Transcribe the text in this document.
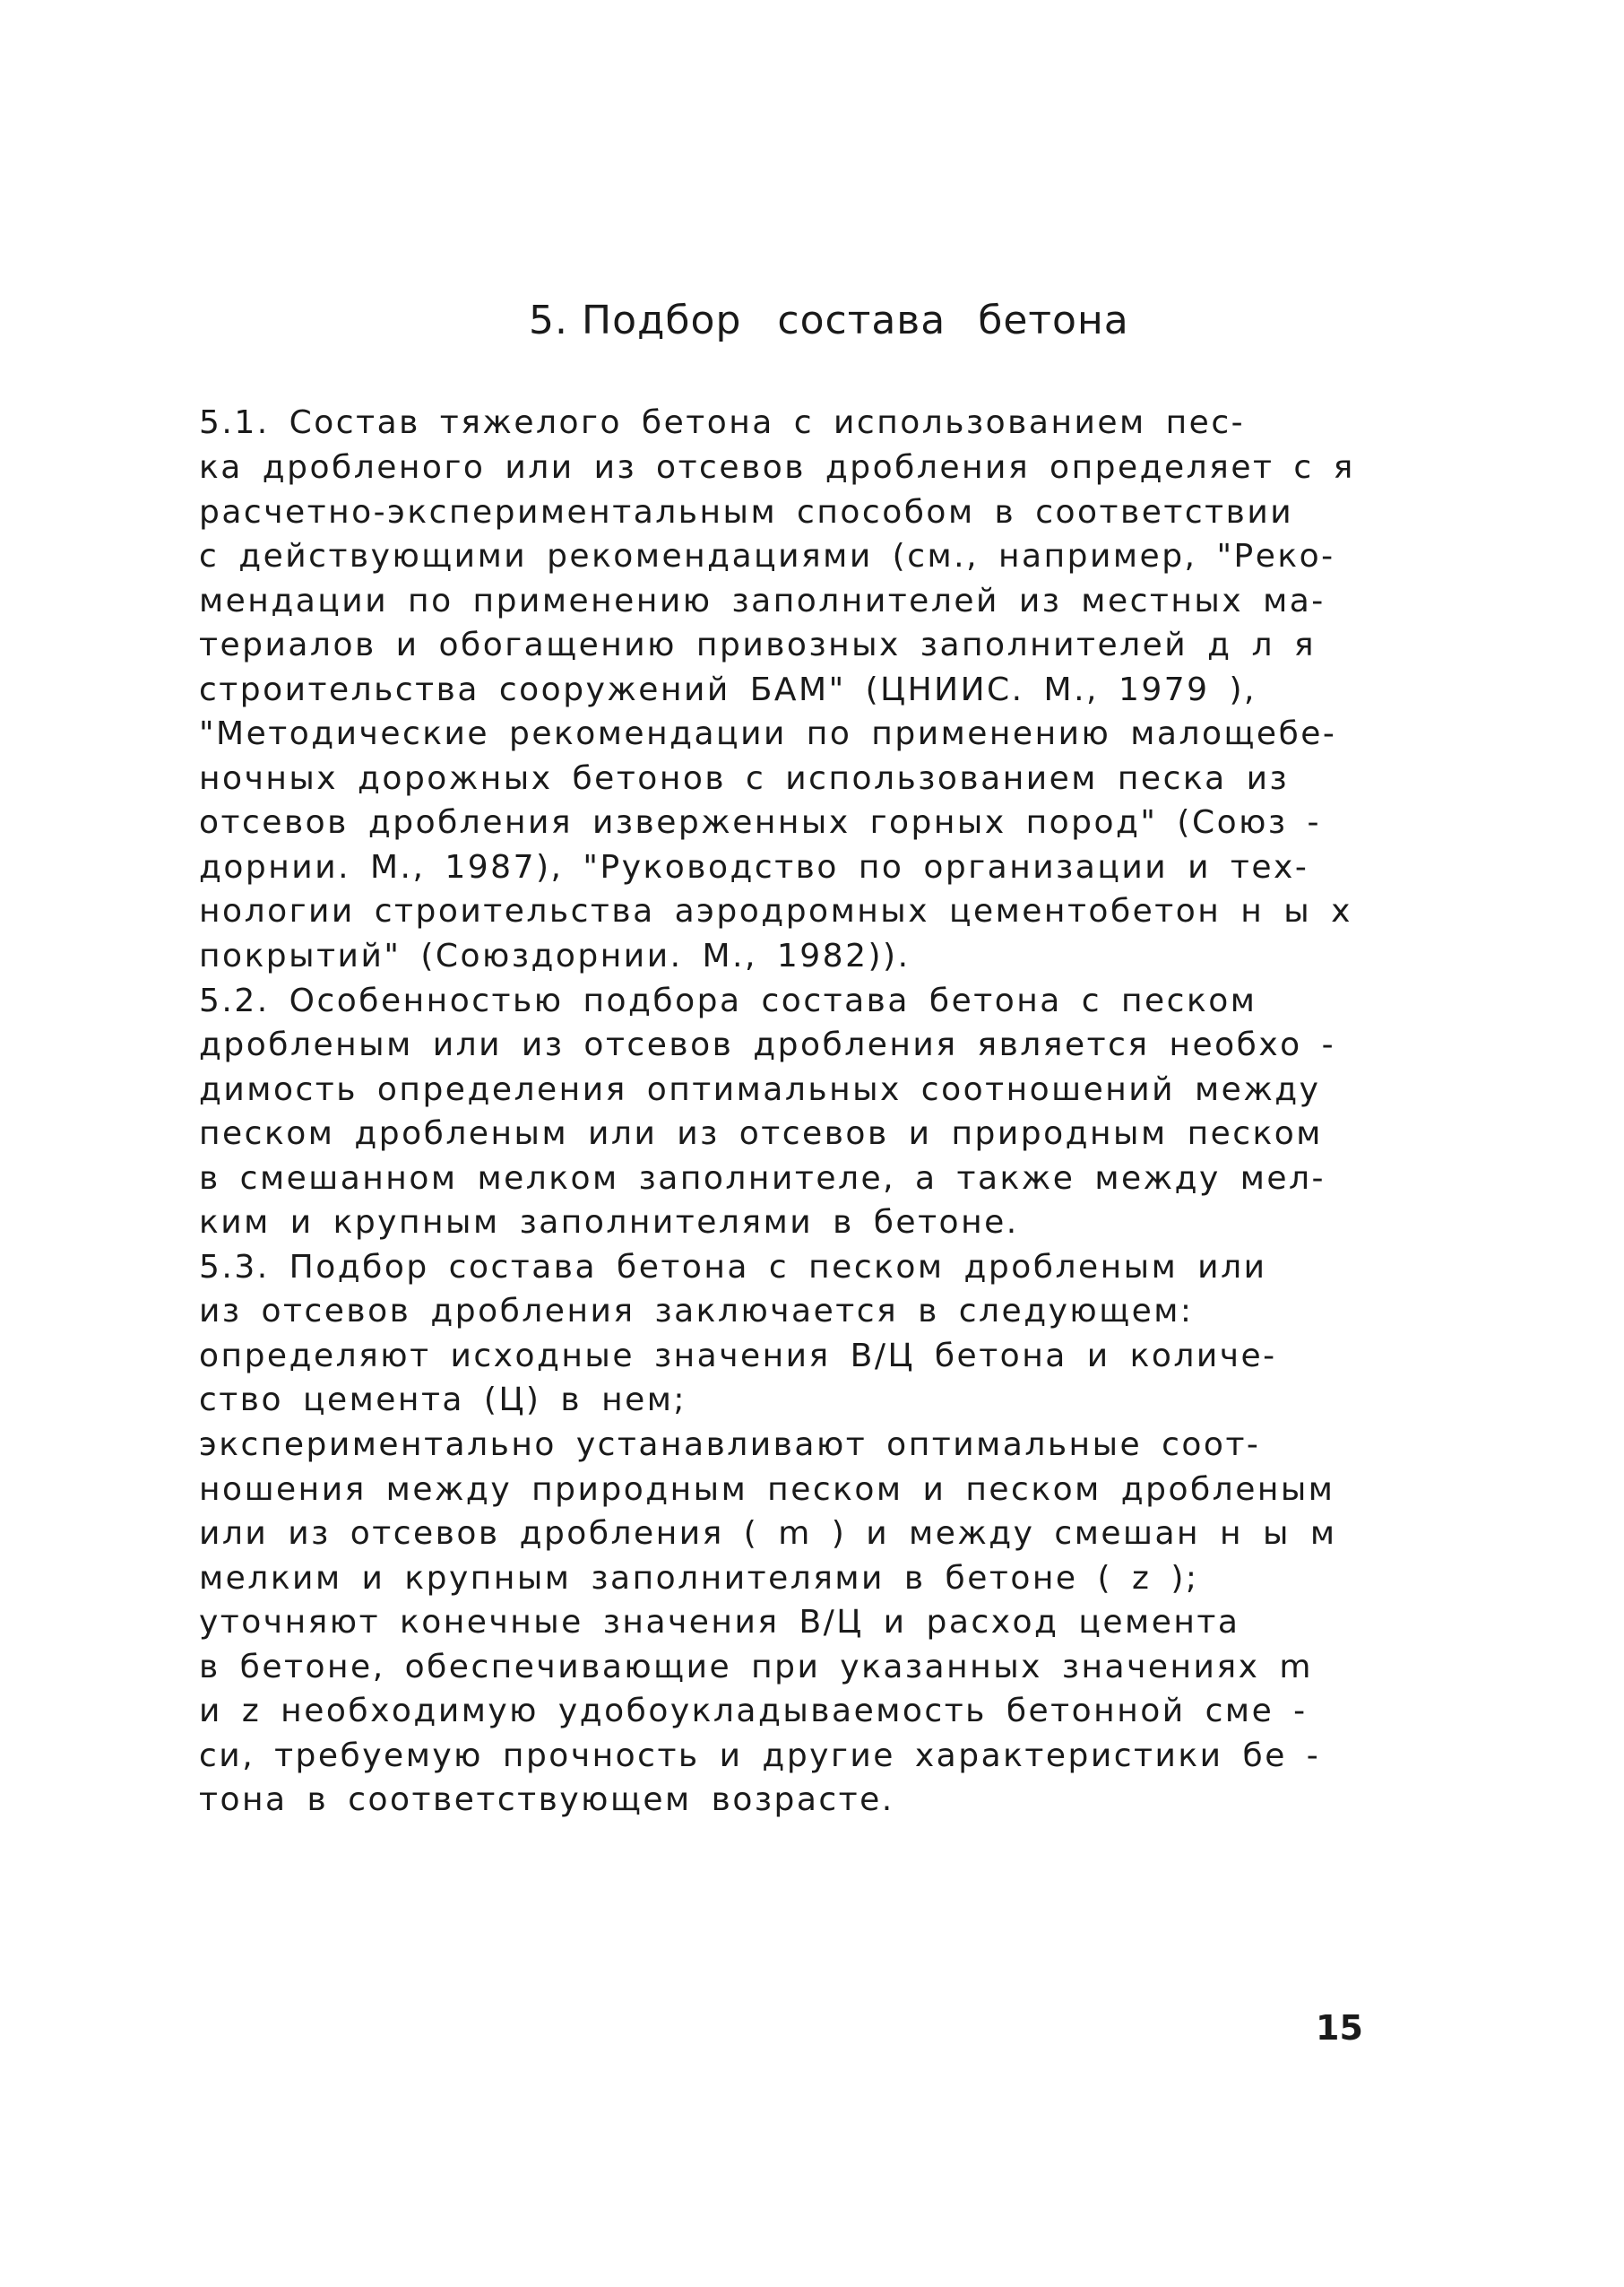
5. Подбор состава бетона
5.1. Состав тяжелого бетона с использованием пес-
ка дробленого или из отсевов дробления определяет с я
расчетно-экспериментальным способом в соответствии
с действующими рекомендациями (см., например, "Реко-
мендации по применению заполнителей из местных ма-
териалов и обогащению привозных заполнителей д л я
строительства сооружений БАМ" (ЦНИИС. М., 1979 ),
"Методические рекомендации по применению малощебе-
ночных дорожных бетонов с использованием песка из
отсевов дробления изверженных горных пород" (Союз -
дорнии. М., 1987), "Руководство по организации и тех-
нологии строительства аэродромных цементобетон н ы х
покрытий" (Союздорнии. М., 1982)).
5.2. Особенностью подбора состава бетона с песком
дробленым или из отсевов дробления является необхо -
димость определения оптимальных соотношений между
песком дробленым или из отсевов и природным песком
в смешанном мелком заполнителе, а также между мел-
ким и крупным заполнителями в бетоне.
5.3. Подбор состава бетона с песком дробленым или
из отсевов дробления заключается в следующем:
определяют исходные значения В/Ц бетона и количе-
ство цемента (Ц) в нем;
экспериментально устанавливают оптимальные соот-
ношения между природным песком и песком дробленым
или из отсевов дробления ( m ) и между смешан н ы м
мелким и крупным заполнителями в бетоне ( z );
уточняют конечные значения В/Ц и расход цемента
в бетоне, обеспечивающие при указанных значениях m
и z необходимую удобоукладываемость бетонной сме -
си, требуемую прочность и другие характеристики бе -
тона в соответствующем возрасте.
15
